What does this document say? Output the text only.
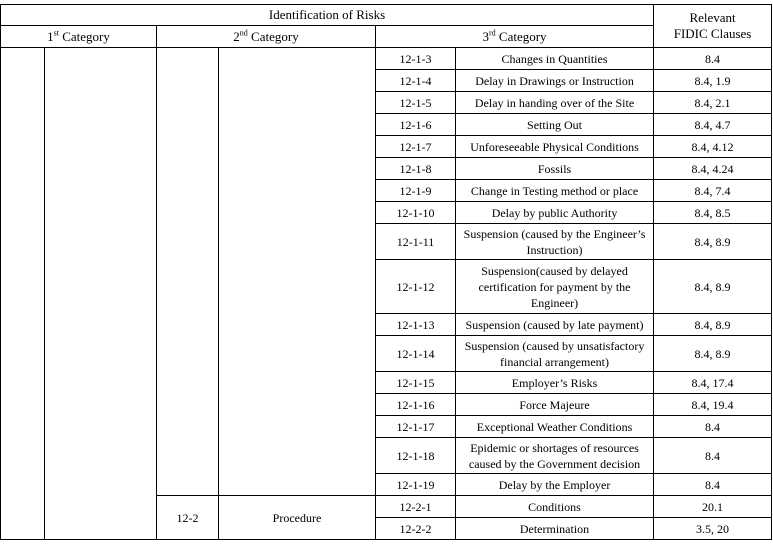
Identification of Risks						Relevant
FIDIC Clauses
1st Category		2nd Category		3rd Category		
				12-1-3	Changes in Quantities	8.4
				12-1-4	Delay in Drawings or Instruction	8.4, 1.9
				12-1-5	Delay in handing over of the Site	8.4, 2.1
				12-1-6	Setting Out	8.4, 4.7
				12-1-7	Unforeseeable Physical Conditions	8.4, 4.12
				12-1-8	Fossils	8.4, 4.24
				12-1-9	Change in Testing method or place	8.4, 7.4
				12-1-10	Delay by public Authority	8.4, 8.5
				12-1-11	Suspension (caused by the Engineer’s Instruction)	8.4, 8.9
				12-1-12	Suspension(caused by delayed certification for payment by the Engineer)	8.4, 8.9
				12-1-13	Suspension (caused by late payment)	8.4, 8.9
				12-1-14	Suspension (caused by unsatisfactory financial arrangement)	8.4, 8.9
				12-1-15	Employer’s Risks	8.4, 17.4
				12-1-16	Force Majeure	8.4, 19.4
				12-1-17	Exceptional Weather Conditions	8.4
				12-1-18	Epidemic or shortages of resources caused by the Government decision	8.4
				12-1-19	Delay by the Employer	8.4
		12-2	Procedure	12-2-1	Conditions	20.1
				12-2-2	Determination	3.5, 20
